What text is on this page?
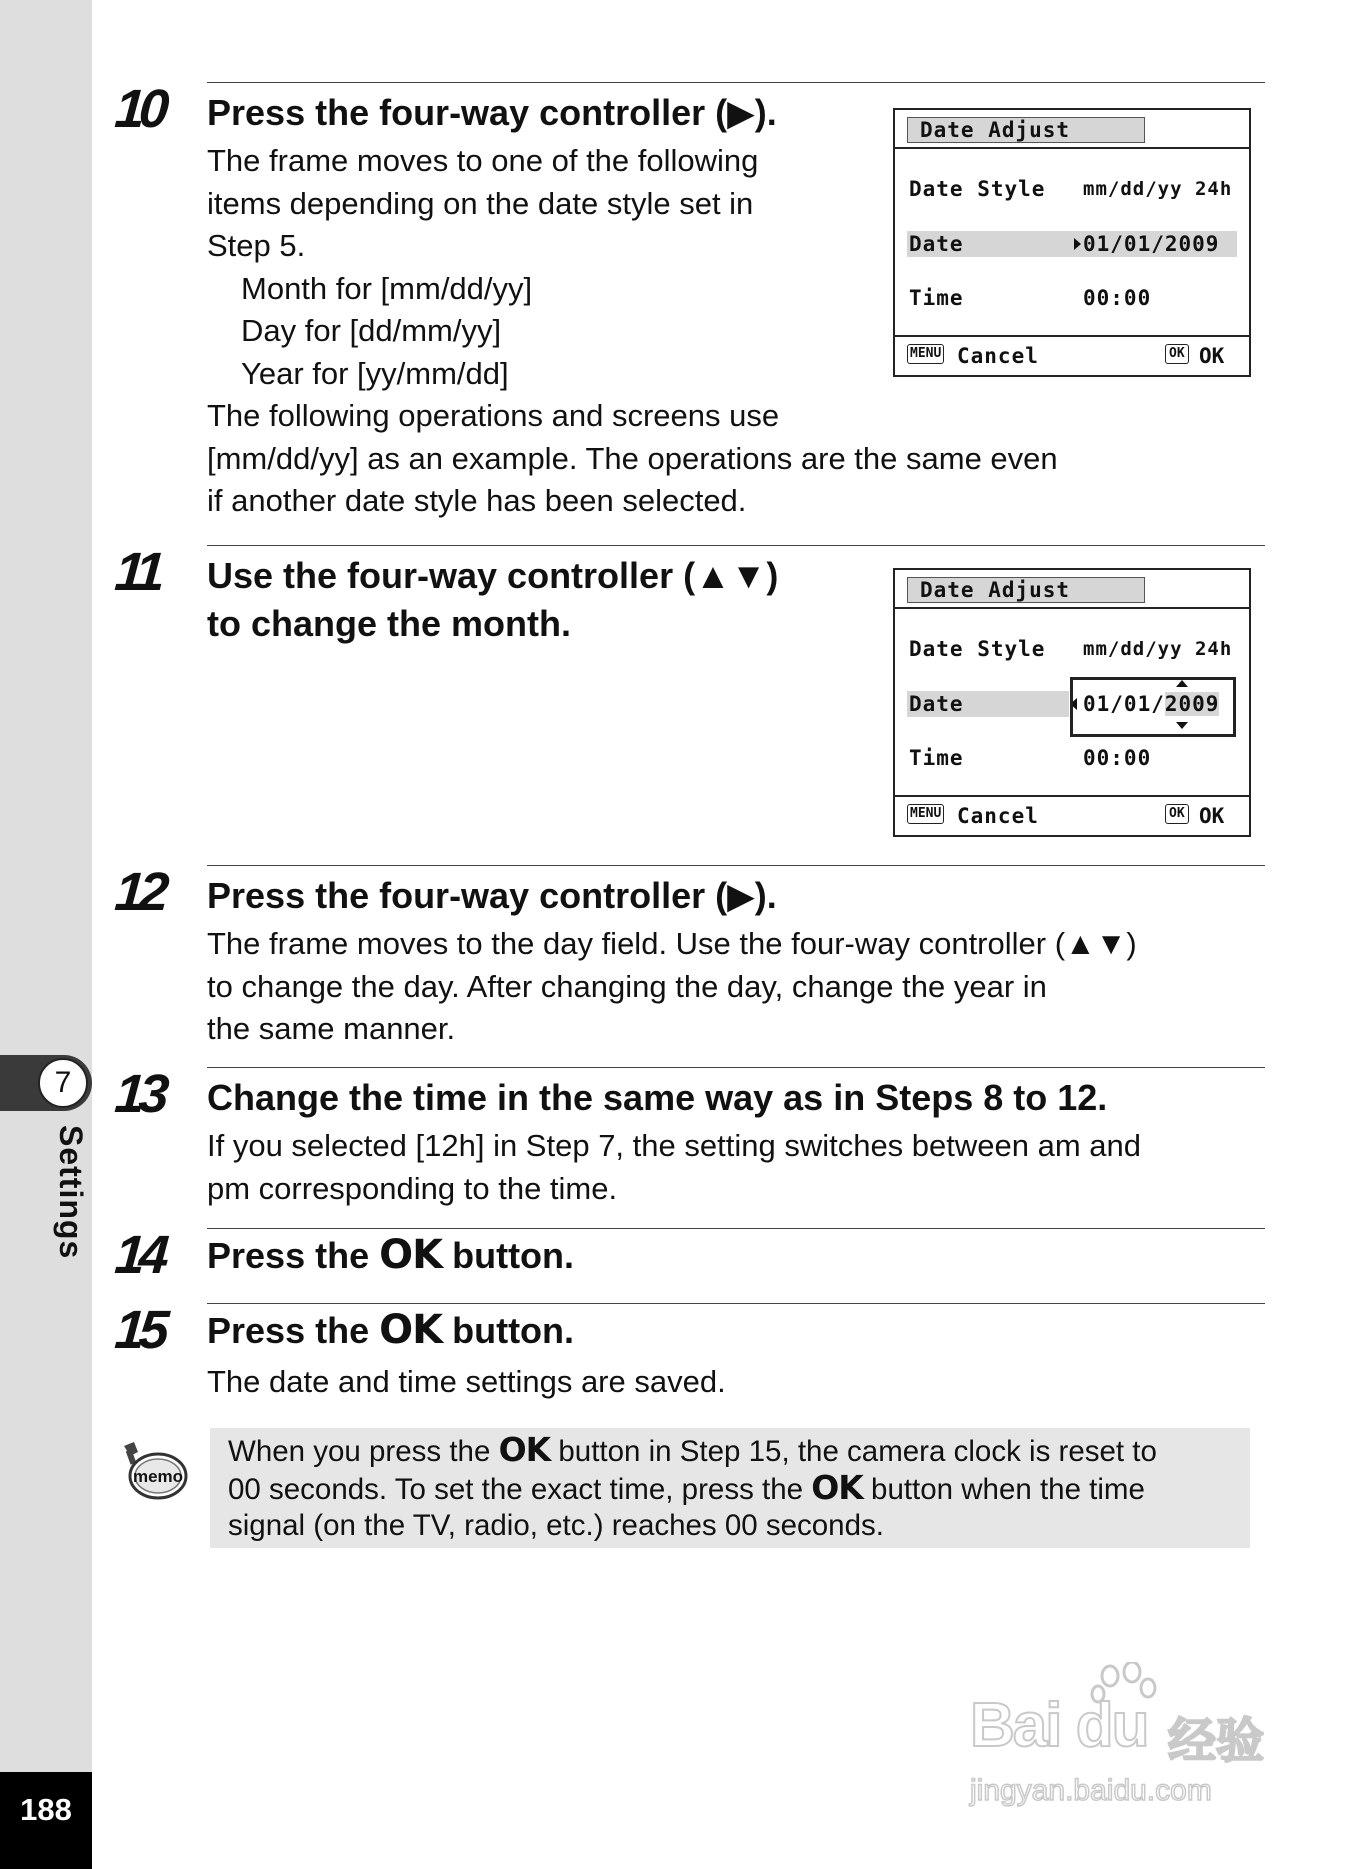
7
Settings
188
10 Press the four-way controller (▶).
The frame moves to one of the following
items depending on the date style set in
Step 5.
Month for [mm/dd/yy]
Day for [dd/mm/yy]
Year for [yy/mm/dd]
The following operations and screens use
[mm/dd/yy] as an example. The operations are the same even
if another date style has been selected.
Date Adjust
Date Style mm/dd/yy 24h
Date	01/01/2009
Time	00:00
MENU Cancel	OK OK
11 Use the four-way controller (▲▼)
to change the month.
Date Adjust
Date Style mm/dd/yy 24h
Date	01/01/2009
Time	00:00
MENU Cancel	OK OK
12 Press the four-way controller (▶).
The frame moves to the day field. Use the four-way controller (▲▼)
to change the day. After changing the day, change the year in
the same manner.
13 Change the time in the same way as in Steps 8 to 12.
If you selected [12h] in Step 7, the setting switches between am and
pm corresponding to the time.
14 Press the OK button.
15 Press the OK button.
The date and time settings are saved.
memo
When you press the OK button in Step 15, the camera clock is reset to
00 seconds. To set the exact time, press the OK button when the time
signal (on the TV, radio, etc.) reaches 00 seconds.
Bai du 经验
jingyan.baidu.com
